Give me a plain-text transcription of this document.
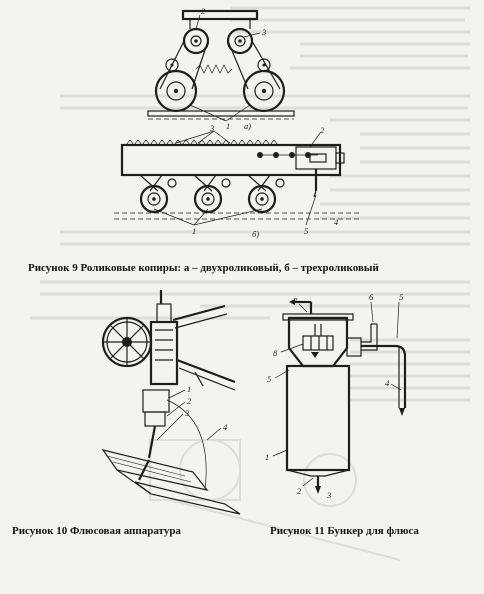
2
3
1 а)
3	2
1	5
4
б)
1
2
3
4
7	6	5
8
5	4
1
2	3
Рисунок 9 Роликовые копиры: а – двухроликовый, б – трехроликовый
Рисунок 10 Флюсовая аппаратура	Рисунок 11 Бункер для флюса
